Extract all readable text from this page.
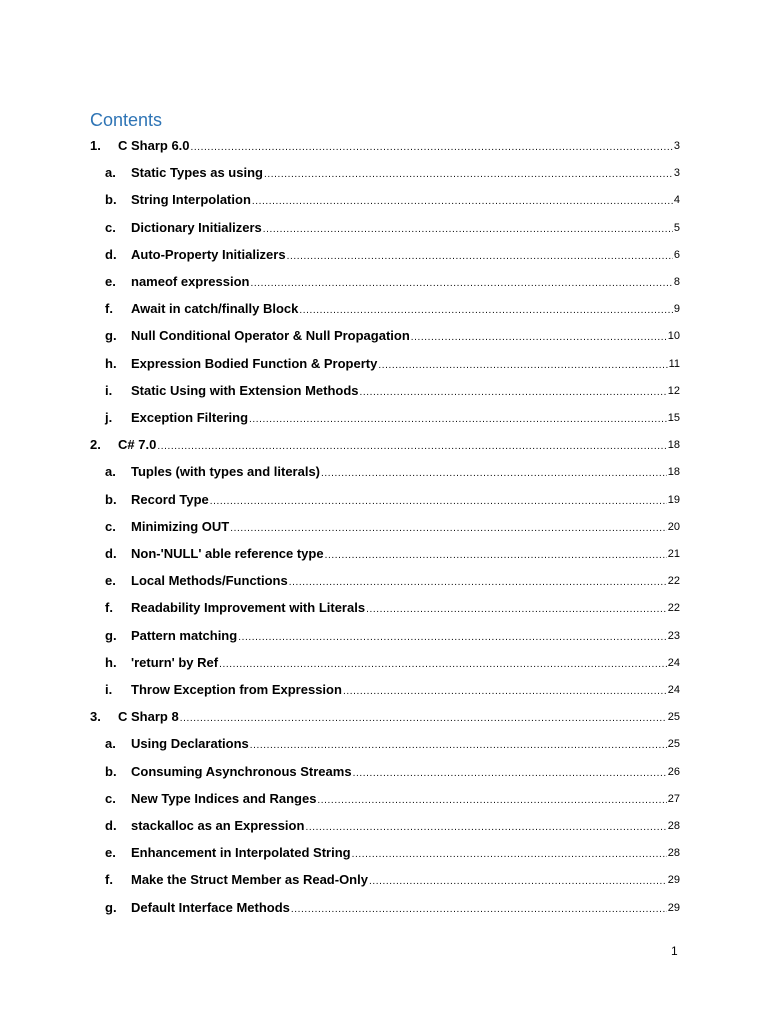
Contents
1.	C Sharp 6.0 .....	3
a.	Static Types as using .....	3
b.	String Interpolation .....	4
c.	Dictionary Initializers .....	5
d.	Auto-Property Initializers .....	6
e.	nameof expression .....	8
f.	Await in catch/finally Block .....	9
g.	Null Conditional Operator & Null Propagation .....	10
h.	Expression Bodied Function & Property .....	11
i.	Static Using with Extension Methods .....	12
j.	Exception Filtering .....	15
2.	C# 7.0 .....	18
a.	Tuples (with types and literals) .....	18
b.	Record Type .....	19
c.	Minimizing OUT .....	20
d.	Non-'NULL' able reference type .....	21
e.	Local Methods/Functions .....	22
f.	Readability Improvement with Literals .....	22
g.	Pattern matching .....	23
h.	'return' by Ref .....	24
i.	Throw Exception from Expression .....	24
3.	C Sharp 8 .....	25
a.	Using Declarations .....	25
b.	Consuming Asynchronous Streams .....	26
c.	New Type Indices and Ranges .....	27
d.	stackalloc as an Expression .....	28
e.	Enhancement in Interpolated String .....	28
f.	Make the Struct Member as Read-Only .....	29
g.	Default Interface Methods .....	29
1
